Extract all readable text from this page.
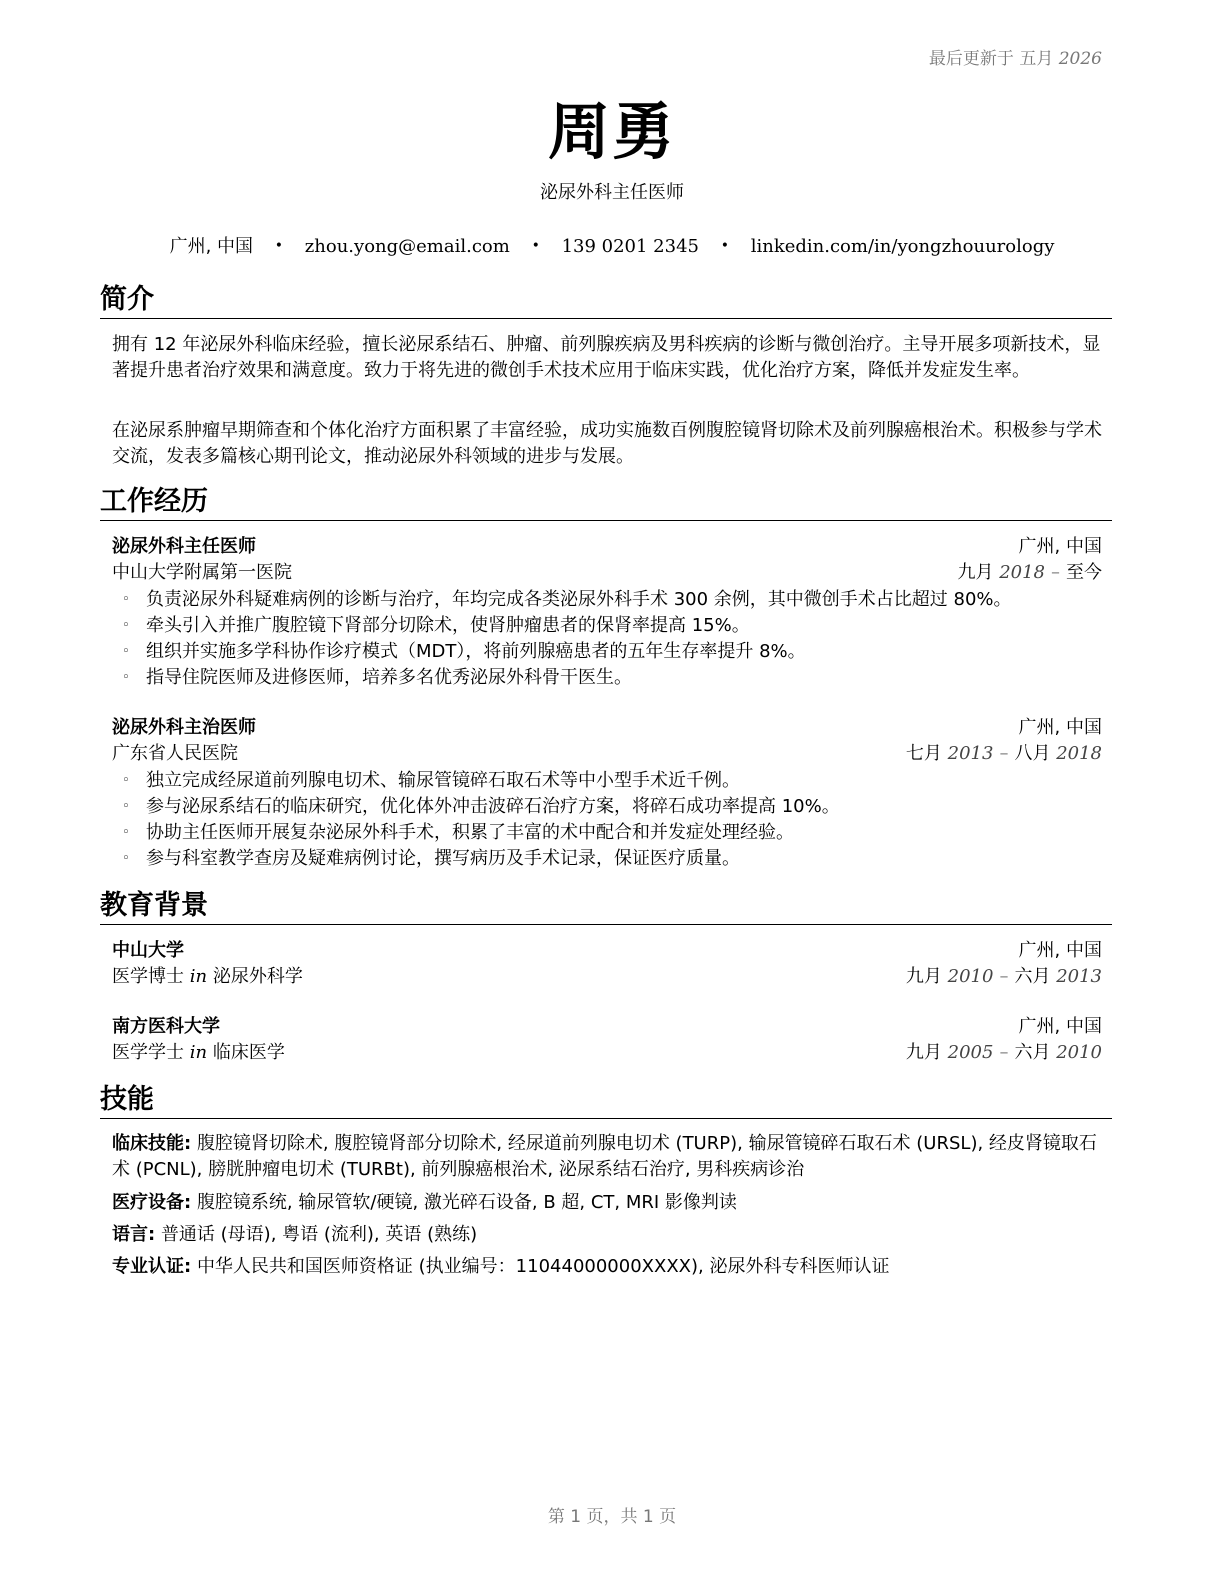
最后更新于 五月 2026
周勇
泌尿外科主任医师
广州, 中国 • zhou.yong@email.com • 139 0201 2345 • linkedin.com/in/yongzhouurology
简介
拥有 12 年泌尿外科临床经验，擅长泌尿系结石、肿瘤、前列腺疾病及男科疾病的诊断与微创治疗。主导开展多项新技术，显著提升患者治疗效果和满意度。致力于将先进的微创手术技术应用于临床实践，优化治疗方案，降低并发症发生率。
在泌尿系肿瘤早期筛查和个体化治疗方面积累了丰富经验，成功实施数百例腹腔镜肾切除术及前列腺癌根治术。积极参与学术交流，发表多篇核心期刊论文，推动泌尿外科领域的进步与发展。
工作经历
泌尿外科主任医师	广州, 中国
中山大学附属第一医院	九月 2018 – 至今
◦ 负责泌尿外科疑难病例的诊断与治疗，年均完成各类泌尿外科手术 300 余例，其中微创手术占比超过 80%。
◦ 牵头引入并推广腹腔镜下肾部分切除术，使肾肿瘤患者的保肾率提高 15%。
◦ 组织并实施多学科协作诊疗模式（MDT），将前列腺癌患者的五年生存率提升 8%。
◦ 指导住院医师及进修医师，培养多名优秀泌尿外科骨干医生。
泌尿外科主治医师	广州, 中国
广东省人民医院	七月 2013 – 八月 2018
◦ 独立完成经尿道前列腺电切术、输尿管镜碎石取石术等中小型手术近千例。
◦ 参与泌尿系结石的临床研究，优化体外冲击波碎石治疗方案，将碎石成功率提高 10%。
◦ 协助主任医师开展复杂泌尿外科手术，积累了丰富的术中配合和并发症处理经验。
◦ 参与科室教学查房及疑难病例讨论，撰写病历及手术记录，保证医疗质量。
教育背景
中山大学	广州, 中国
医学博士 in 泌尿外科学	九月 2010 – 六月 2013
南方医科大学	广州, 中国
医学学士 in 临床医学	九月 2005 – 六月 2010
技能
临床技能: 腹腔镜肾切除术, 腹腔镜肾部分切除术, 经尿道前列腺电切术 (TURP), 输尿管镜碎石取石术 (URSL), 经皮肾镜取石术 (PCNL), 膀胱肿瘤电切术 (TURBt), 前列腺癌根治术, 泌尿系结石治疗, 男科疾病诊治
医疗设备: 腹腔镜系统, 输尿管软/硬镜, 激光碎石设备, B 超, CT, MRI 影像判读
语言: 普通话 (母语), 粤语 (流利), 英语 (熟练)
专业认证: 中华人民共和国医师资格证 (执业编号：11044000000XXXX), 泌尿外科专科医师认证
第 1 页，共 1 页
